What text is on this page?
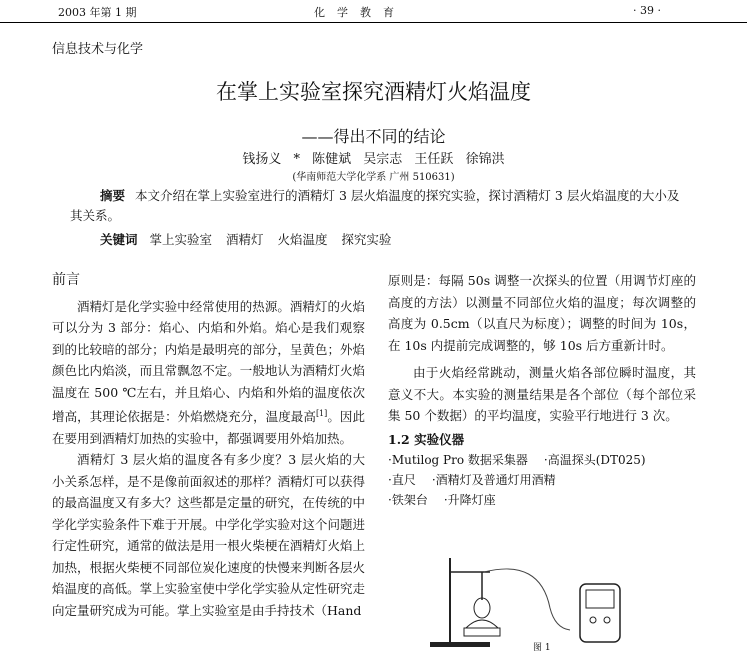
2003 年第 1 期	化学教育	· 39 ·
信息技术与化学
在掌上实验室探究酒精灯火焰温度
——得出不同的结论
钱扬义 * 陈健斌 吴宗志 王任跃 徐锦洪
(华南师范大学化学系 广州 510631)
摘要 本文介绍在掌上实验室进行的酒精灯 3 层火焰温度的探究实验，探讨酒精灯 3 层火焰温度的大小及其关系。
关键词 掌上实验室 酒精灯 火焰温度 探究实验
前言

酒精灯是化学实验中经常使用的热源。酒精灯的火焰可以分为 3 部分：焰心、内焰和外焰。焰心是我们观察到的比较暗的部分；内焰是最明亮的部分，呈黄色；外焰颜色比内焰淡，而且常飘忽不定。一般地认为酒精灯火焰温度在 500 ℃左右，并且焰心、内焰和外焰的温度依次增高，其理论依据是：外焰燃烧充分，温度最高[1]。因此在要用到酒精灯加热的实验中，都强调要用外焰加热。

酒精灯 3 层火焰的温度各有多少度？3 层火焰的大小关系怎样，是不是像前面叙述的那样？酒精灯可以获得的最高温度又有多大？这些都是定量的研究，在传统的中学化学实验条件下难于开展。中学化学实验对这个问题进行定性研究，通常的做法是用一根火柴梗在酒精灯火焰上加热，根据火柴梗不同部位炭化速度的快慢来判断各层火焰温度的高低。掌上实验室使中学化学实验从定性研究走向定量研究成为可能。掌上实验室是由手持技术（Hand

原则是：每隔 50s 调整一次探头的位置（用调节灯座的高度的方法）以测量不同部位火焰的温度；每次调整的高度为 0.5cm（以直尺为标度）；调整的时间为 10s，在 10s 内提前完成调整的，够 10s 后方重新计时。

由于火焰经常跳动，测量火焰各部位瞬时温度，其意义不大。本实验的测量结果是各个部位（每个部位采集 50 个数据）的平均温度，实验平行地进行 3 次。

1.2 实验仪器
·Mutilog Pro 数据采集器 ·高温探头(DT025)
·直尺 ·酒精灯及普通灯用酒精
·铁架台 ·升降灯座
图 1
